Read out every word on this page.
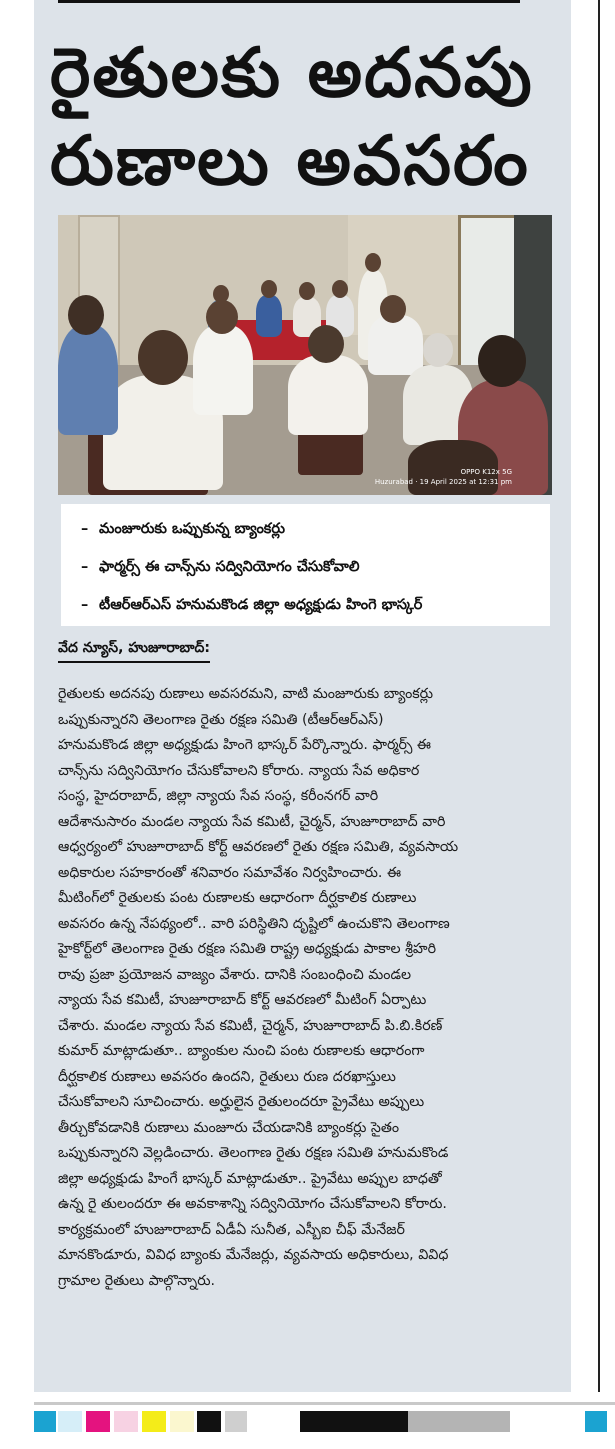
రైతులకు అదనపు
రుణాలు అవసరం
OPPO K12x 5G
Huzurabad · 19 April 2025 at 12:31 pm
– మంజూరుకు ఒప్పుకున్న బ్యాంకర్లు
– ఫార్మర్స్ ఈ చాన్స్‌ను సద్వినియోగం చేసుకోవాలి
– టీఆర్ఆర్ఎస్ హనుమకొండ జిల్లా అధ్యక్షుడు హింగె భాస్కర్
వేద న్యూస్, హుజూరాబాద్:
రైతులకు అదనపు రుణాలు అవసరమని, వాటి మంజూరుకు బ్యాంకర్లు
ఒప్పుకున్నారని తెలంగాణ రైతు రక్షణ సమితి (టీఆర్ఆర్ఎస్)
హనుమకొండ జిల్లా అధ్యక్షుడు హింగె భాస్కర్ పేర్కొన్నారు. ఫార్మర్స్ ఈ
చాన్స్‌ను సద్వినియోగం చేసుకోవాలని కోరారు. న్యాయ సేవ అధికార
సంస్థ, హైదరాబాద్, జిల్లా న్యాయ సేవ సంస్థ, కరీంనగర్ వారి
ఆదేశానుసారం మండల న్యాయ సేవ కమిటీ, చైర్మన్, హుజూరాబాద్ వారి
ఆధ్వర్యంలో హుజూరాబాద్ కోర్ట్ ఆవరణలో రైతు రక్షణ సమితి, వ్యవసాయ
అధికారుల సహకారంతో శనివారం సమావేశం నిర్వహించారు. ఈ
మీటింగ్‌లో రైతులకు పంట రుణాలకు ఆధారంగా దీర్ఘకాలిక రుణాలు
అవసరం ఉన్న నేపథ్యంలో.. వారి పరిస్థితిని దృష్టిలో ఉంచుకొని తెలంగాణ
హైకోర్ట్‌లో తెలంగాణ రైతు రక్షణ సమితి రాష్ట్ర అధ్యక్షుడు పాకాల శ్రీహరి
రావు ప్రజా ప్రయోజన వాజ్యం వేశారు. దానికి సంబంధించి మండల
న్యాయ సేవ కమిటీ, హుజూరాబాద్ కోర్ట్ ఆవరణలో మీటింగ్ ఏర్పాటు
చేశారు. మండల న్యాయ సేవ కమిటీ, చైర్మన్, హుజూరాబాద్ పి.బి.కిరణ్
కుమార్ మాట్లాడుతూ.. బ్యాంకుల నుంచి పంట రుణాలకు ఆధారంగా
దీర్ఘకాలిక రుణాలు అవసరం ఉందని, రైతులు రుణ దరఖాస్తులు
చేసుకోవాలని సూచించారు. అర్హులైన రైతులందరూ ప్రైవేటు అప్పులు
తీర్చుకోవడానికి రుణాలు మంజూరు చేయడానికి బ్యాంకర్లు సైతం
ఒప్పుకున్నారని వెల్లడించారు. తెలంగాణ రైతు రక్షణ సమితి హనుమకొండ
జిల్లా అధ్యక్షుడు హింగే భాస్కర్ మాట్లాడుతూ.. ప్రైవేటు అప్పుల బాధతో
ఉన్న రై తులందరూ ఈ అవకాశాన్ని సద్వినియోగం చేసుకోవాలని కోరారు.
కార్యక్రమంలో హుజూరాబాద్ ఏడీఏ సునీత, ఎస్బీఐ చీఫ్ మేనేజర్
మానకొండూరు, వివిధ బ్యాంకు మేనేజర్లు, వ్యవసాయ అధికారులు, వివిధ
గ్రామాల రైతులు పాల్గొన్నారు.
